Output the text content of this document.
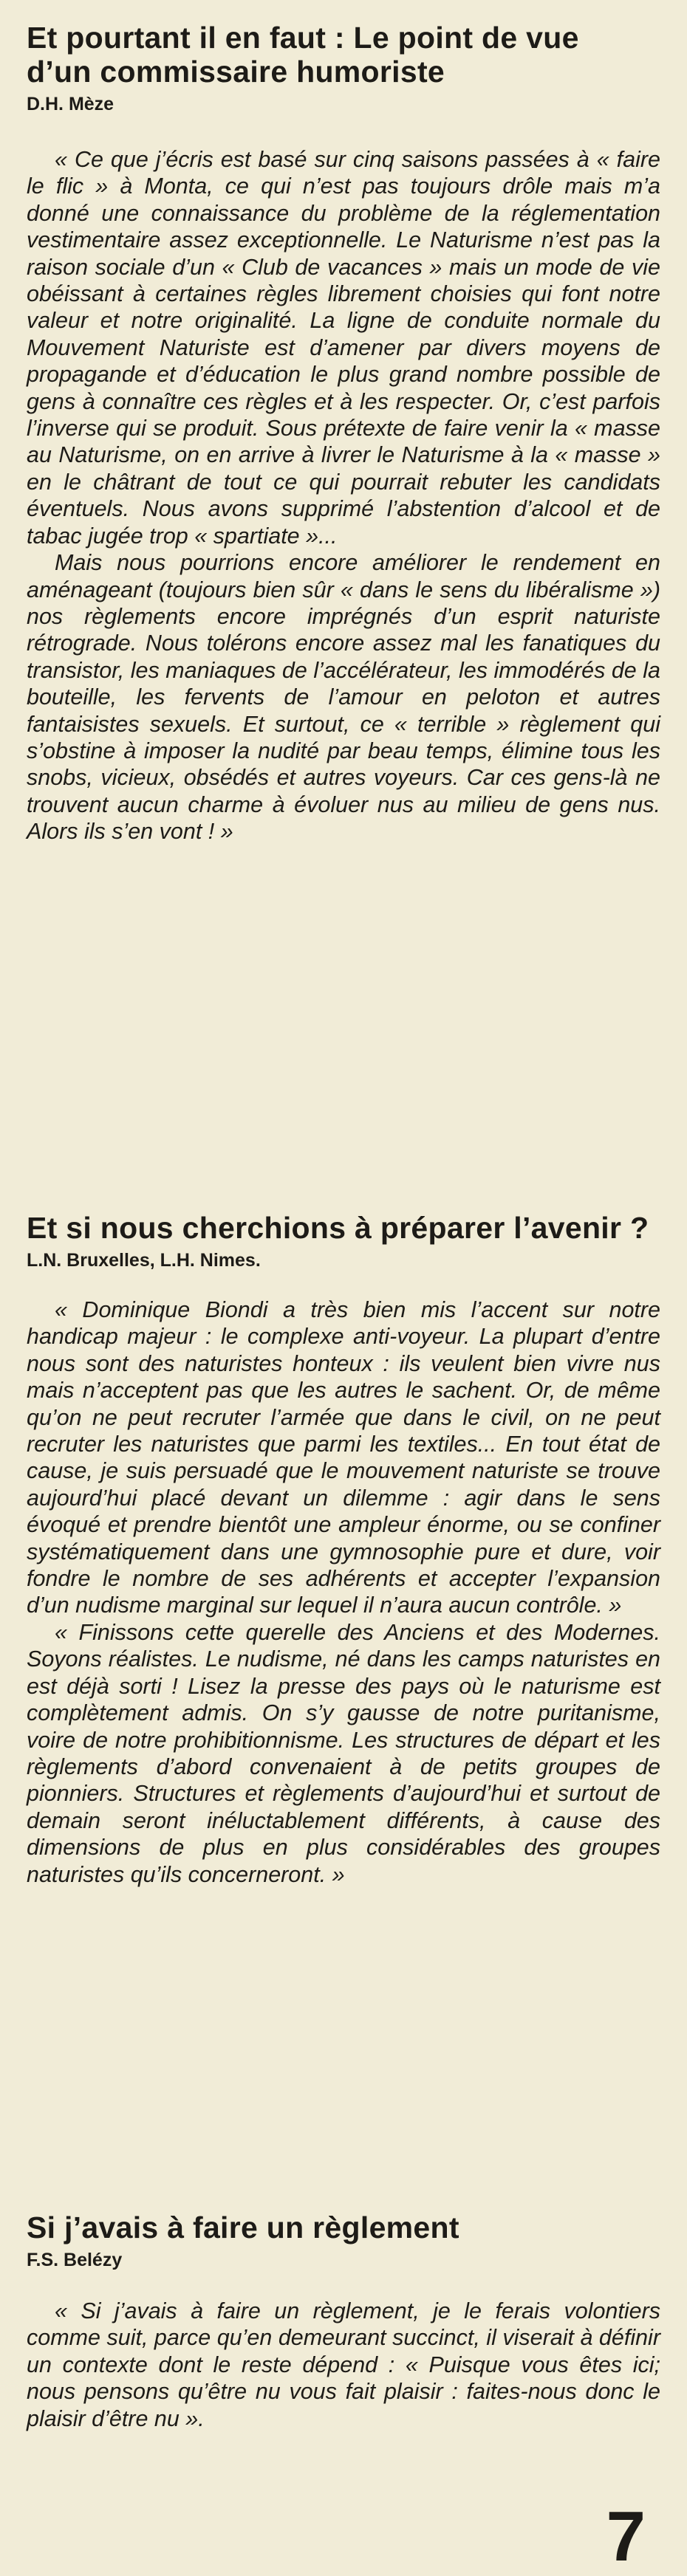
Et pourtant il en faut : Le point de vue d’un commissaire humoriste
D.H. Mèze

« Ce que j’écris est basé sur cinq saisons passées à « faire le flic » à Monta, ce qui n’est pas toujours drôle mais m’a donné une connaissance du problème de la réglementation vestimentaire assez exceptionnelle. Le Naturisme n’est pas la raison sociale d’un « Club de vacances » mais un mode de vie obéissant à certaines règles librement choisies qui font notre valeur et notre originalité. La ligne de conduite normale du Mouvement Naturiste est d’amener par divers moyens de propagande et d’éducation le plus grand nombre possible de gens à connaître ces règles et à les respecter. Or, c’est parfois l’inverse qui se produit. Sous prétexte de faire venir la « masse au Naturisme, on en arrive à livrer le Naturisme à la « masse » en le châtrant de tout ce qui pourrait rebuter les candidats éventuels. Nous avons supprimé l’abstention d’alcool et de tabac jugée trop « spartiate »...

Mais nous pourrions encore améliorer le rendement en aménageant (toujours bien sûr « dans le sens du libéralisme ») nos règlements encore imprégnés d’un esprit naturiste rétrograde. Nous tolérons encore assez mal les fanatiques du transistor, les maniaques de l’accélérateur, les immodérés de la bouteille, les fervents de l’amour en peloton et autres fantaisistes sexuels. Et surtout, ce « terrible » règlement qui s’obstine à imposer la nudité par beau temps, élimine tous les snobs, vicieux, obsédés et autres voyeurs. Car ces gens-là ne trouvent aucun charme à évoluer nus au milieu de gens nus. Alors ils s’en vont ! »

Et si nous cherchions à préparer l’avenir ?
L.N. Bruxelles, L.H. Nimes.

« Dominique Biondi a très bien mis l’accent sur notre handicap majeur : le complexe anti-voyeur. La plupart d’entre nous sont des naturistes honteux : ils veulent bien vivre nus mais n’acceptent pas que les autres le sachent. Or, de même qu’on ne peut recruter l’armée que dans le civil, on ne peut recruter les naturistes que parmi les textiles... En tout état de cause, je suis persuadé que le mouvement naturiste se trouve aujourd’hui placé devant un dilemme : agir dans le sens évoqué et prendre bientôt une ampleur énorme, ou se confiner systématiquement dans une gymnosophie pure et dure, voir fondre le nombre de ses adhérents et accepter l’expansion d’un nudisme marginal sur lequel il n’aura aucun contrôle. »

« Finissons cette querelle des Anciens et des Modernes. Soyons réalistes. Le nudisme, né dans les camps naturistes en est déjà sorti ! Lisez la presse des pays où le naturisme est complètement admis. On s’y gausse de notre puritanisme, voire de notre prohibitionnisme. Les structures de départ et les règlements d’abord convenaient à de petits groupes de pionniers. Structures et règlements d’aujourd’hui et surtout de demain seront inéluctablement différents, à cause des dimensions de plus en plus considérables des groupes naturistes qu’ils concerneront. »

Si j’avais à faire un règlement
F.S. Belézy

« Si j’avais à faire un règlement, je le ferais volontiers comme suit, parce qu’en demeurant succinct, il viserait à définir un contexte dont le reste dépend : « Puisque vous êtes ici; nous pensons qu’être nu vous fait plaisir : faites-nous donc le plaisir d’être nu ».

7
